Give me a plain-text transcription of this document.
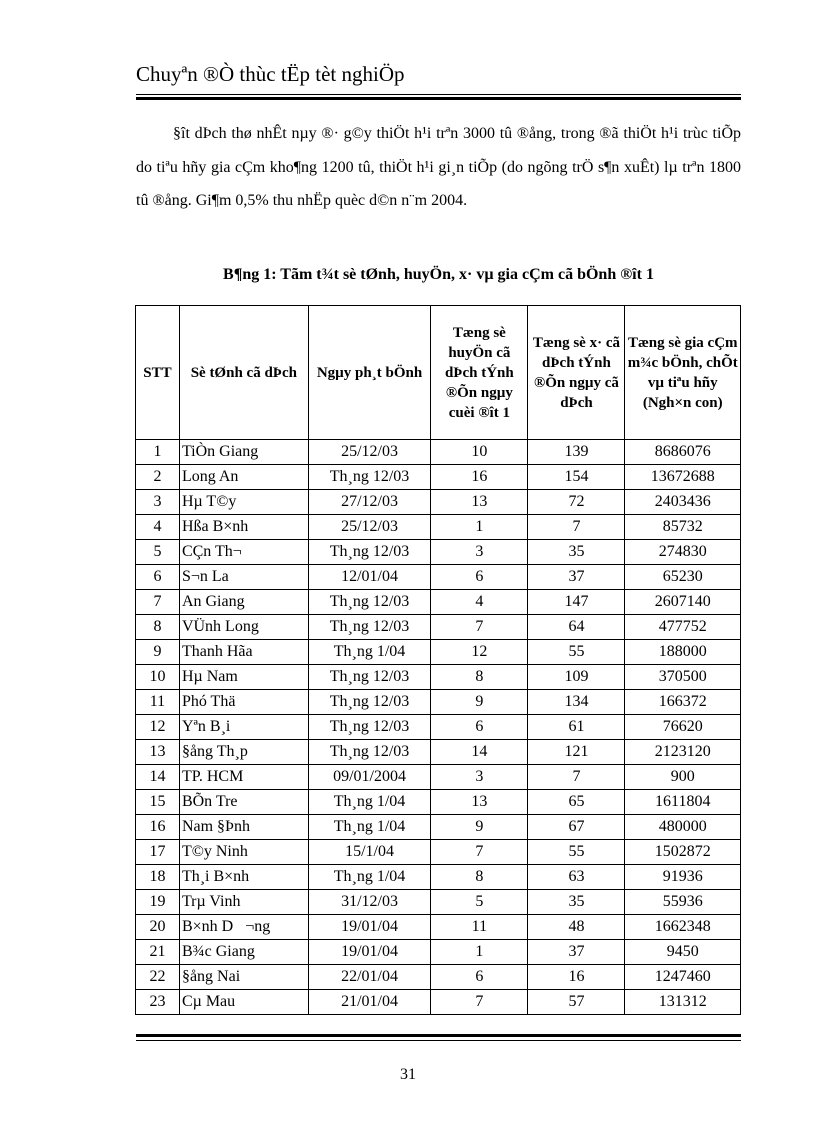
Chuyªn ®Ò thùc tËp tèt nghiÖp

§ît dÞch thø nhÊt nµy ®· g©y thiÖt h¹i trªn 3000 tû ®ång, trong ®ã thiÖt h¹i trùc tiÕp do tiªu hñy gia cÇm kho¶ng 1200 tû, thiÖt h¹i gi¸n tiÕp (do ngõng trÖ s¶n xuÊt) lµ trªn 1800 tû ®ång. Gi¶m 0,5% thu nhËp quèc d©n n¨m 2004.

B¶ng 1: Tãm t¾t sè tØnh, huyÖn, x· vµ gia cÇm cã bÖnh ®ît 1
STT	Sè tØnh cã dÞch	Ngµy ph¸t bÖnh	Tæng sè huyÖn cã dÞch tÝnh ®Õn ngµy cuèi ®ît 1	Tæng sè x· cã dÞch tÝnh ®Õn ngµy cã dÞch	Tæng sè gia cÇm m¾c bÖnh, chÕt vµ tiªu hñy (Ngh×n con)
1	TiÒn Giang	25/12/03	10	139	8686076
2	Long An	Th¸ng 12/03	16	154	13672688
3	Hµ T©y	27/12/03	13	72	2403436
4	Hßa B×nh	25/12/03	1	7	85732
5	CÇn Th¬	Th¸ng 12/03	3	35	274830
6	S¬n La	12/01/04	6	37	65230
7	An Giang	Th¸ng 12/03	4	147	2607140
8	VÜnh Long	Th¸ng 12/03	7	64	477752
9	Thanh Hãa	Th¸ng 1/04	12	55	188000
10	Hµ Nam	Th¸ng 12/03	8	109	370500
11	Phó Thä	Th¸ng 12/03	9	134	166372
12	Yªn B¸i	Th¸ng 12/03	6	61	76620
13	§ång Th¸p	Th¸ng 12/03	14	121	2123120
14	TP. HCM	09/01/2004	3	7	900
15	BÕn Tre	Th¸ng 1/04	13	65	1611804
16	Nam §Þnh	Th¸ng 1/04	9	67	480000
17	T©y Ninh	15/1/04	7	55	1502872
18	Th¸i B×nh	Th¸ng 1/04	8	63	91936
19	Trµ Vinh	31/12/03	5	35	55936
20	B×nh D   ¬ng	19/01/04	11	48	1662348
21	B¾c Giang	19/01/04	1	37	9450
22	§ång Nai	22/01/04	6	16	1247460
23	Cµ Mau	21/01/04	7	57	131312
31
